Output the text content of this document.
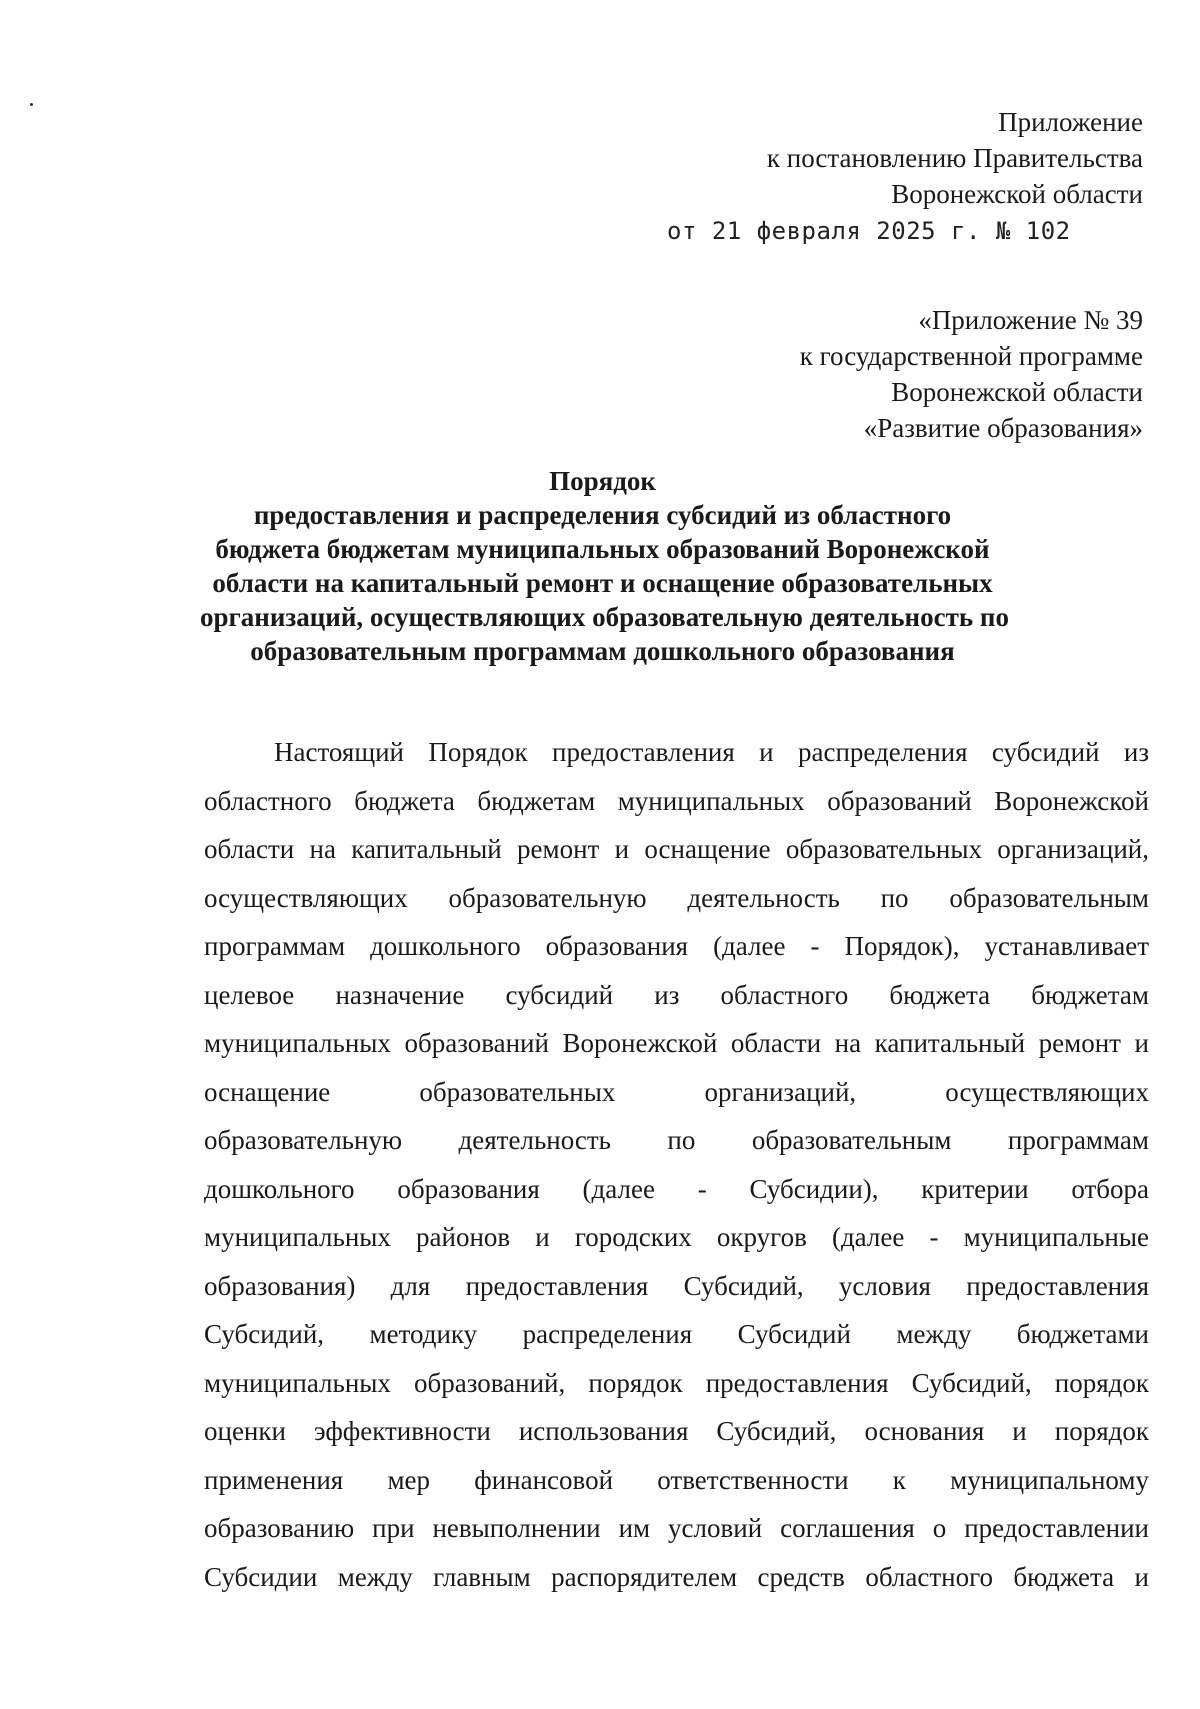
Приложение
к постановлению Правительства
Воронежской области
от 21 февраля 2025 г. № 102
«Приложение № 39
к государственной программе
Воронежской области
«Развитие образования»
Порядок
предоставления и распределения субсидий из областного
бюджета бюджетам муниципальных образований Воронежской
области на капитальный ремонт и оснащение образовательных
организаций, осуществляющих образовательную деятельность по
образовательным программам дошкольного образования
Настоящий Порядок предоставления и распределения субсидий из
областного бюджета бюджетам муниципальных образований Воронежской
области на капитальный ремонт и оснащение образовательных организаций,
осуществляющих образовательную деятельность по образовательным
программам дошкольного образования (далее - Порядок), устанавливает
целевое назначение субсидий из областного бюджета бюджетам
муниципальных образований Воронежской области на капитальный ремонт и
оснащение образовательных организаций, осуществляющих
образовательную деятельность по образовательным программам
дошкольного образования (далее - Субсидии), критерии отбора
муниципальных районов и городских округов (далее - муниципальные
образования) для предоставления Субсидий, условия предоставления
Субсидий, методику распределения Субсидий между бюджетами
муниципальных образований, порядок предоставления Субсидий, порядок
оценки эффективности использования Субсидий, основания и порядок
применения мер финансовой ответственности к муниципальному
образованию при невыполнении им условий соглашения о предоставлении
Субсидии между главным распорядителем средств областного бюджета и
